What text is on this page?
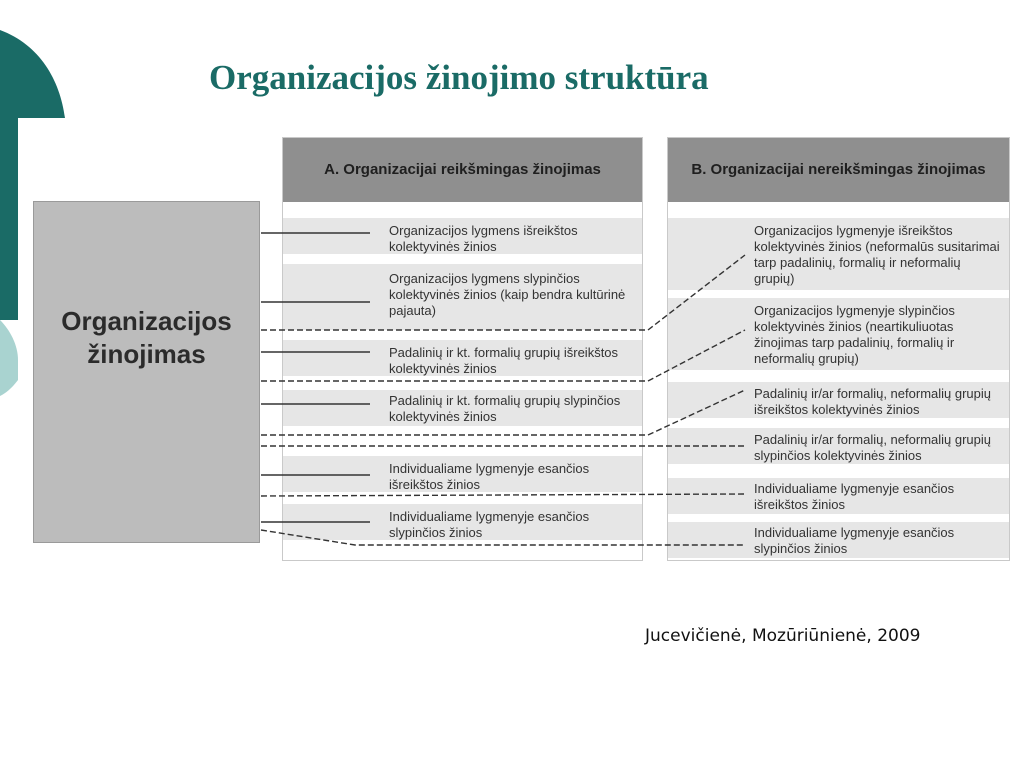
Organizacijos žinojimo struktūra
Organizacijos žinojimas
A. Organizacijai reikšmingas žinojimas
Organizacijos lygmens išreikštos kolektyvinės žinios
Organizacijos lygmens slypinčios kolektyvinės žinios (kaip bendra kultūrinė pajauta)
Padalinių ir kt. formalių grupių išreikštos kolektyvinės žinios
Padalinių ir kt. formalių grupių slypinčios kolektyvinės žinios
Individualiame lygmenyje esančios išreikštos žinios
Individualiame lygmenyje esančios slypinčios žinios
B. Organizacijai nereikšmingas žinojimas
Organizacijos lygmenyje išreikštos kolektyvinės žinios (neformalūs susitarimai tarp padalinių, formalių ir neformalių grupių)
Organizacijos lygmenyje slypinčios kolektyvinės žinios (neartikuliuotas žinojimas tarp padalinių, formalių ir neformalių grupių)
Padalinių ir/ar formalių, neformalių grupių išreikštos kolektyvinės žinios
Padalinių ir/ar formalių, neformalių grupių slypinčios kolektyvinės žinios
Individualiame lygmenyje esančios išreikštos žinios
Individualiame lygmenyje esančios slypinčios žinios
Jucevičienė, Mozūriūnienė, 2009
